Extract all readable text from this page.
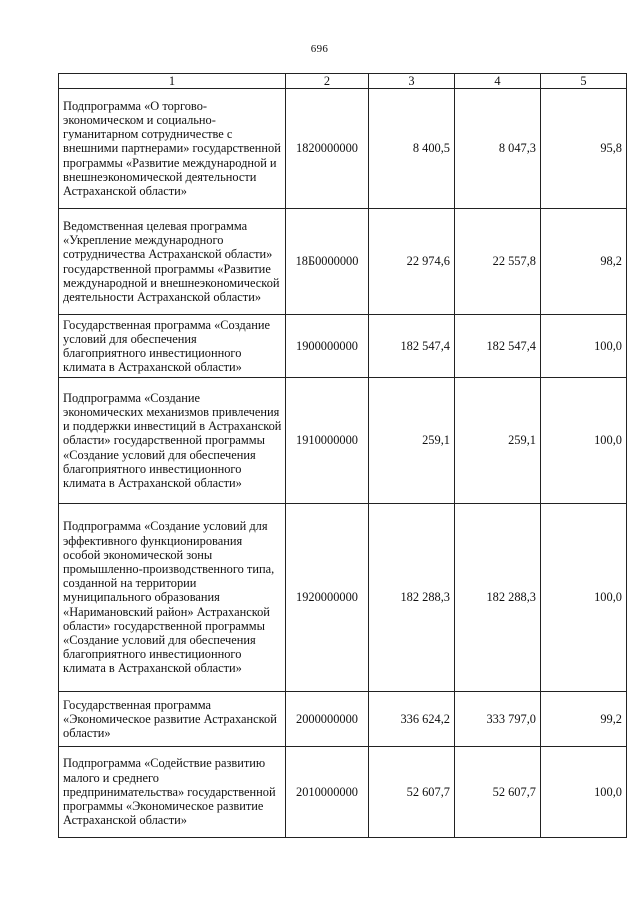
696
1	2	3	4	5
Подпрограмма «О торгово-экономическом и социально-гуманитарном сотрудничестве с внешними партнерами» государственной программы «Развитие международной и внешнеэкономической деятельности Астраханской области»	1820000000	8 400,5	8 047,3	95,8
Ведомственная целевая программа «Укрепление международного сотрудничества Астраханской области» государственной программы «Развитие международной и внешнеэкономической деятельности Астраханской области»	18Б0000000	22 974,6	22 557,8	98,2
Государственная программа «Создание условий для обеспечения благоприятного инвестиционного климата в Астраханской области»	1900000000	182 547,4	182 547,4	100,0
Подпрограмма «Создание экономических механизмов привлечения и поддержки инвестиций в Астраханской области» государственной программы «Создание условий для обеспечения благоприятного инвестиционного климата в Астраханской области»	1910000000	259,1	259,1	100,0
Подпрограмма «Создание условий для эффективного функционирования особой экономической зоны промышленно-производственного типа, созданной на территории муниципального образования «Наримановский район» Астраханской области» государственной программы «Создание условий для обеспечения благоприятного инвестиционного климата в Астраханской области»	1920000000	182 288,3	182 288,3	100,0
Государственная программа «Экономическое развитие Астраханской области»	2000000000	336 624,2	333 797,0	99,2
Подпрограмма «Содействие развитию малого и среднего предпринимательства» государственной программы «Экономическое развитие Астраханской области»	2010000000	52 607,7	52 607,7	100,0
